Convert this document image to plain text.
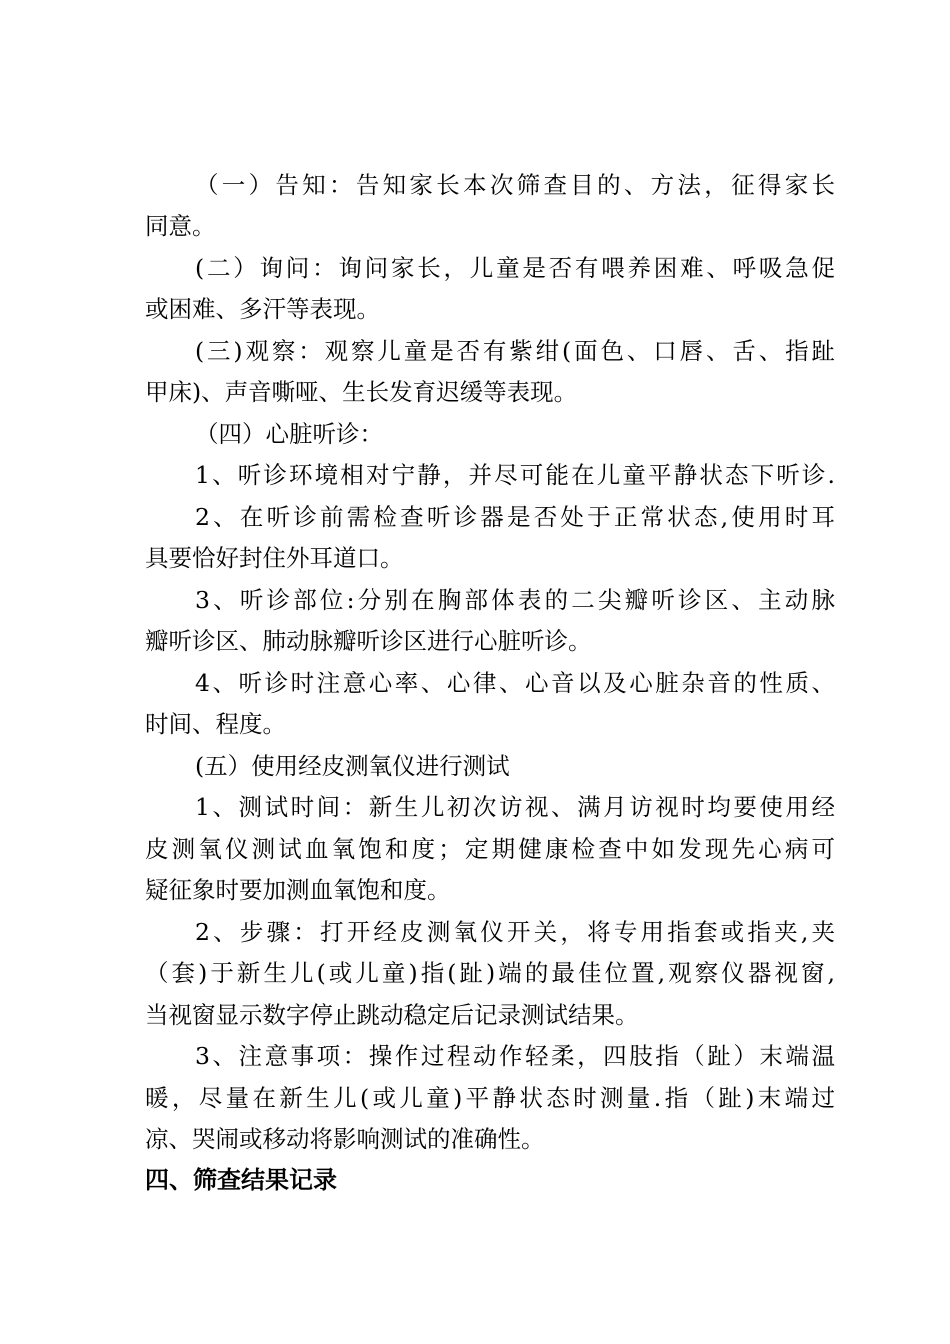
（一）告知：告知家长本次筛查目的、方法，征得家长
同意。
(二）询问：询问家长，儿童是否有喂养困难、呼吸急促
或困难、多汗等表现。
(三)观察：观察儿童是否有紫绀(面色、口唇、舌、指趾
甲床)、声音嘶哑、生长发育迟缓等表现。
（四）心脏听诊：
1、听诊环境相对宁静，并尽可能在儿童平静状态下听诊.
2、在听诊前需检查听诊器是否处于正常状态,使用时耳
具要恰好封住外耳道口。
3、听诊部位:分别在胸部体表的二尖瓣听诊区、主动脉
瓣听诊区、肺动脉瓣听诊区进行心脏听诊。
4、听诊时注意心率、心律、心音以及心脏杂音的性质、
时间、程度。
(五）使用经皮测氧仪进行测试
1、测试时间：新生儿初次访视、满月访视时均要使用经
皮测氧仪测试血氧饱和度；定期健康检查中如发现先心病可
疑征象时要加测血氧饱和度。
2、步骤：打开经皮测氧仪开关，将专用指套或指夹,夹
（套)于新生儿(或儿童)指(趾)端的最佳位置,观察仪器视窗,
当视窗显示数字停止跳动稳定后记录测试结果。
3、注意事项：操作过程动作轻柔，四肢指（趾）末端温
暖，尽量在新生儿(或儿童)平静状态时测量.指（趾)末端过
凉、哭闹或移动将影响测试的准确性。
四、筛查结果记录
